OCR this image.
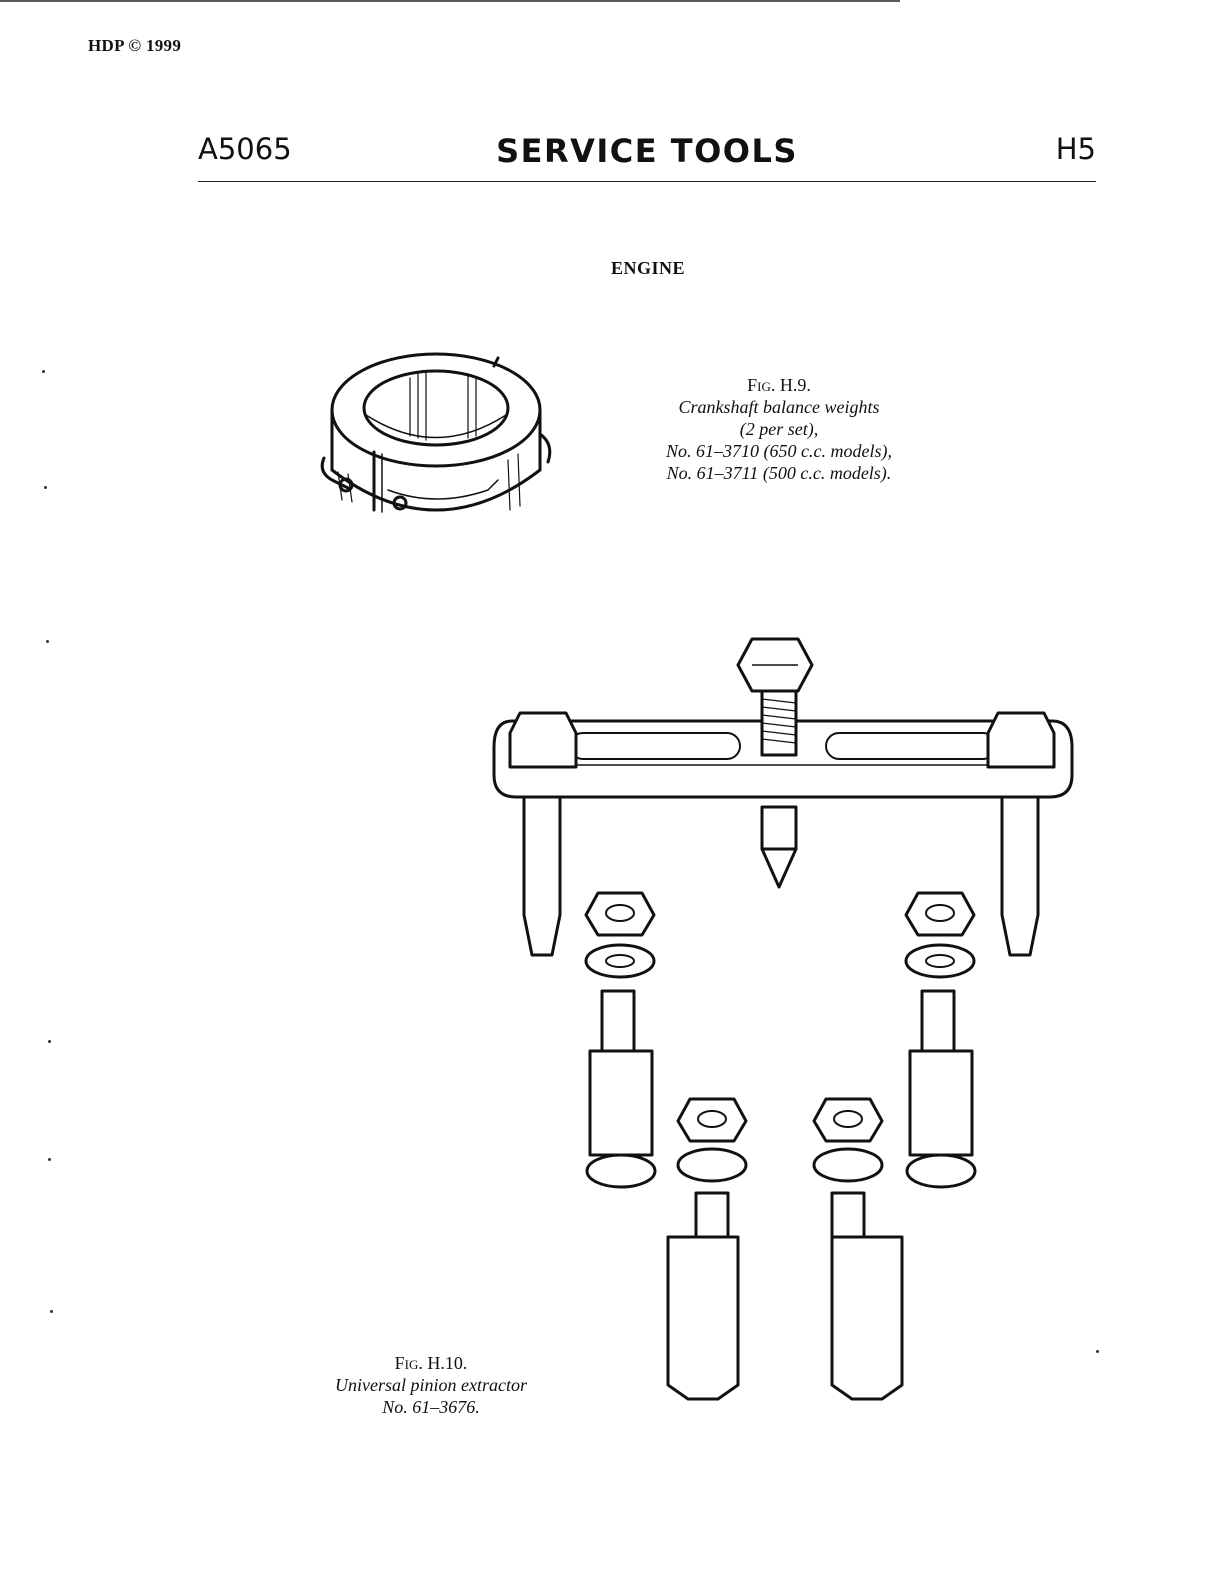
HDP © 1999
A5065	SERVICE TOOLS	H5
ENGINE
Fig. H.9.
Crankshaft balance weights
(2 per set),
No. 61–3710 (650 c.c. models),
No. 61–3711 (500 c.c. models).
Fig. H.10.
Universal pinion extractor
No. 61–3676.
